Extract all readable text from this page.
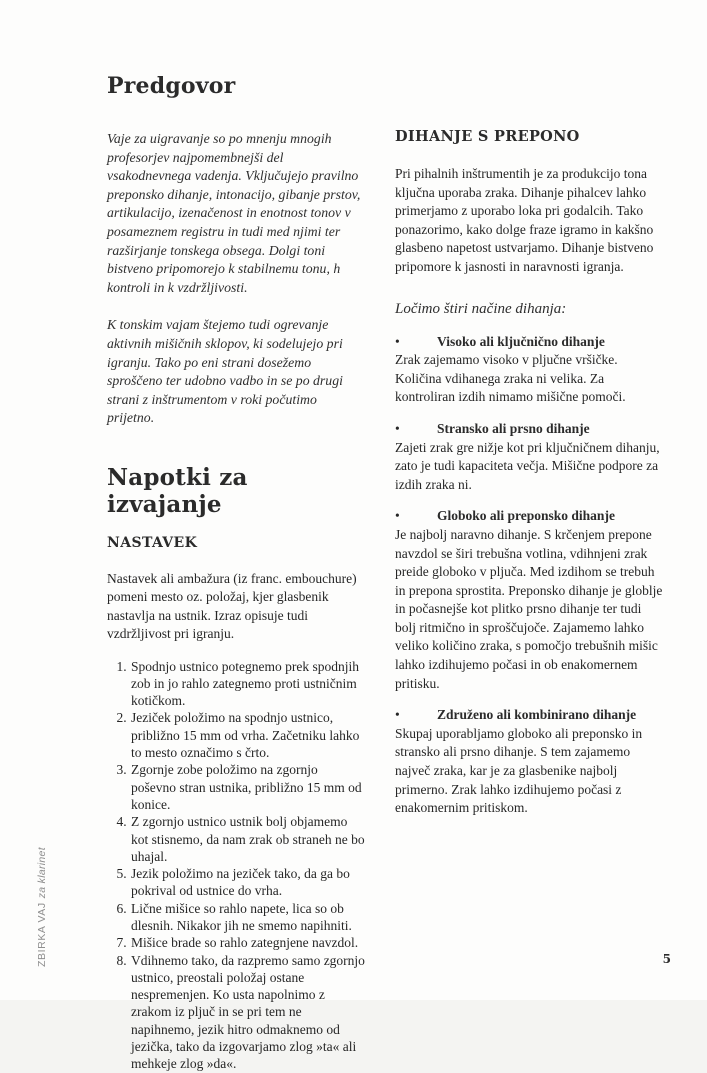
Predgovor

Vaje za uigravanje so po mnenju mnogih profesorjev najpomembnejši del vsakodnevnega vadenja. Vključujejo pravilno preponsko dihanje, intonacijo, gibanje prstov, artikulacijo, izenačenost in enotnost tonov v posameznem registru in tudi med njimi ter razširjanje tonskega obsega. Dolgi toni bistveno pripomorejo k stabilnemu tonu, h kontroli in k vzdržljivosti.

K tonskim vajam štejemo tudi ogrevanje aktivnih mišičnih sklopov, ki sodelujejo pri igranju. Tako po eni strani dosežemo sproščeno ter udobno vadbo in se po drugi strani z inštrumentom v roki počutimo prijetno.

Napotki za izvajanje
NASTAVEK

Nastavek ali ambažura (iz franc. embouchure) pomeni mesto oz. položaj, kjer glasbenik nastavlja na ustnik. Izraz opisuje tudi vzdržljivost pri igranju.

1. Spodnjo ustnico potegnemo prek spodnjih zob in jo rahlo zategnemo proti ustničnim kotičkom.
2. Jeziček položimo na spodnjo ustnico, približno 15 mm od vrha. Začetniku lahko to mesto označimo s črto.
3. Zgornje zobe položimo na zgornjo poševno stran ustnika, približno 15 mm od konice.
4. Z zgornjo ustnico ustnik bolj objamemo kot stisnemo, da nam zrak ob straneh ne bo uhajal.
5. Jezik položimo na jeziček tako, da ga bo pokrival od ustnice do vrha.
6. Lične mišice so rahlo napete, lica so ob dlesnih. Nikakor jih ne smemo napihniti.
7. Mišice brade so rahlo zategnjene navzdol.
8. Vdihnemo tako, da razpremo samo zgornjo ustnico, preostali položaj ostane nespremenjen. Ko usta napolnimo z zrakom iz pljuč in se pri tem ne napihnemo, jezik hitro odmaknemo od jezička, tako da izgovarjamo zlog »ta« ali mehkeje zlog »da«.
DIHANJE S PREPONO

Pri pihalnih inštrumentih je za produkcijo tona ključna uporaba zraka. Dihanje pihalcev lahko primerjamo z uporabo loka pri godalcih. Tako ponazorimo, kako dolge fraze igramo in kakšno glasbeno napetost ustvarjamo. Dihanje bistveno pripomore k jasnosti in naravnosti igranja.

Ločimo štiri načine dihanja:

•	Visoko ali ključnično dihanje

Zrak zajemamo visoko v pljučne vršičke. Količina vdihanega zraka ni velika. Za kontroliran izdih nimamo mišične pomoči.

•	Stransko ali prsno dihanje

Zajeti zrak gre nižje kot pri ključničnem dihanju, zato je tudi kapaciteta večja. Mišične podpore za izdih zraka ni.

•	Globoko ali preponsko dihanje

Je najbolj naravno dihanje. S krčenjem prepone navzdol se širi trebušna votlina, vdihnjeni zrak preide globoko v pljuča. Med izdihom se trebuh in prepona sprostita. Preponsko dihanje je globlje in počasnejše kot plitko prsno dihanje ter tudi bolj ritmično in sproščujoče. Zajamemo lahko veliko količino zraka, s pomočjo trebušnih mišic lahko izdihujemo počasi in ob enakomernem pritisku.

•	Združeno ali kombinirano dihanje

Skupaj uporabljamo globoko ali preponsko in stransko ali prsno dihanje. S tem zajamemo največ zraka, kar je za glasbenike najbolj primerno. Zrak lahko izdihujemo počasi z enakomernim pritiskom.

ZBIRKA VAJza klarinet
5
